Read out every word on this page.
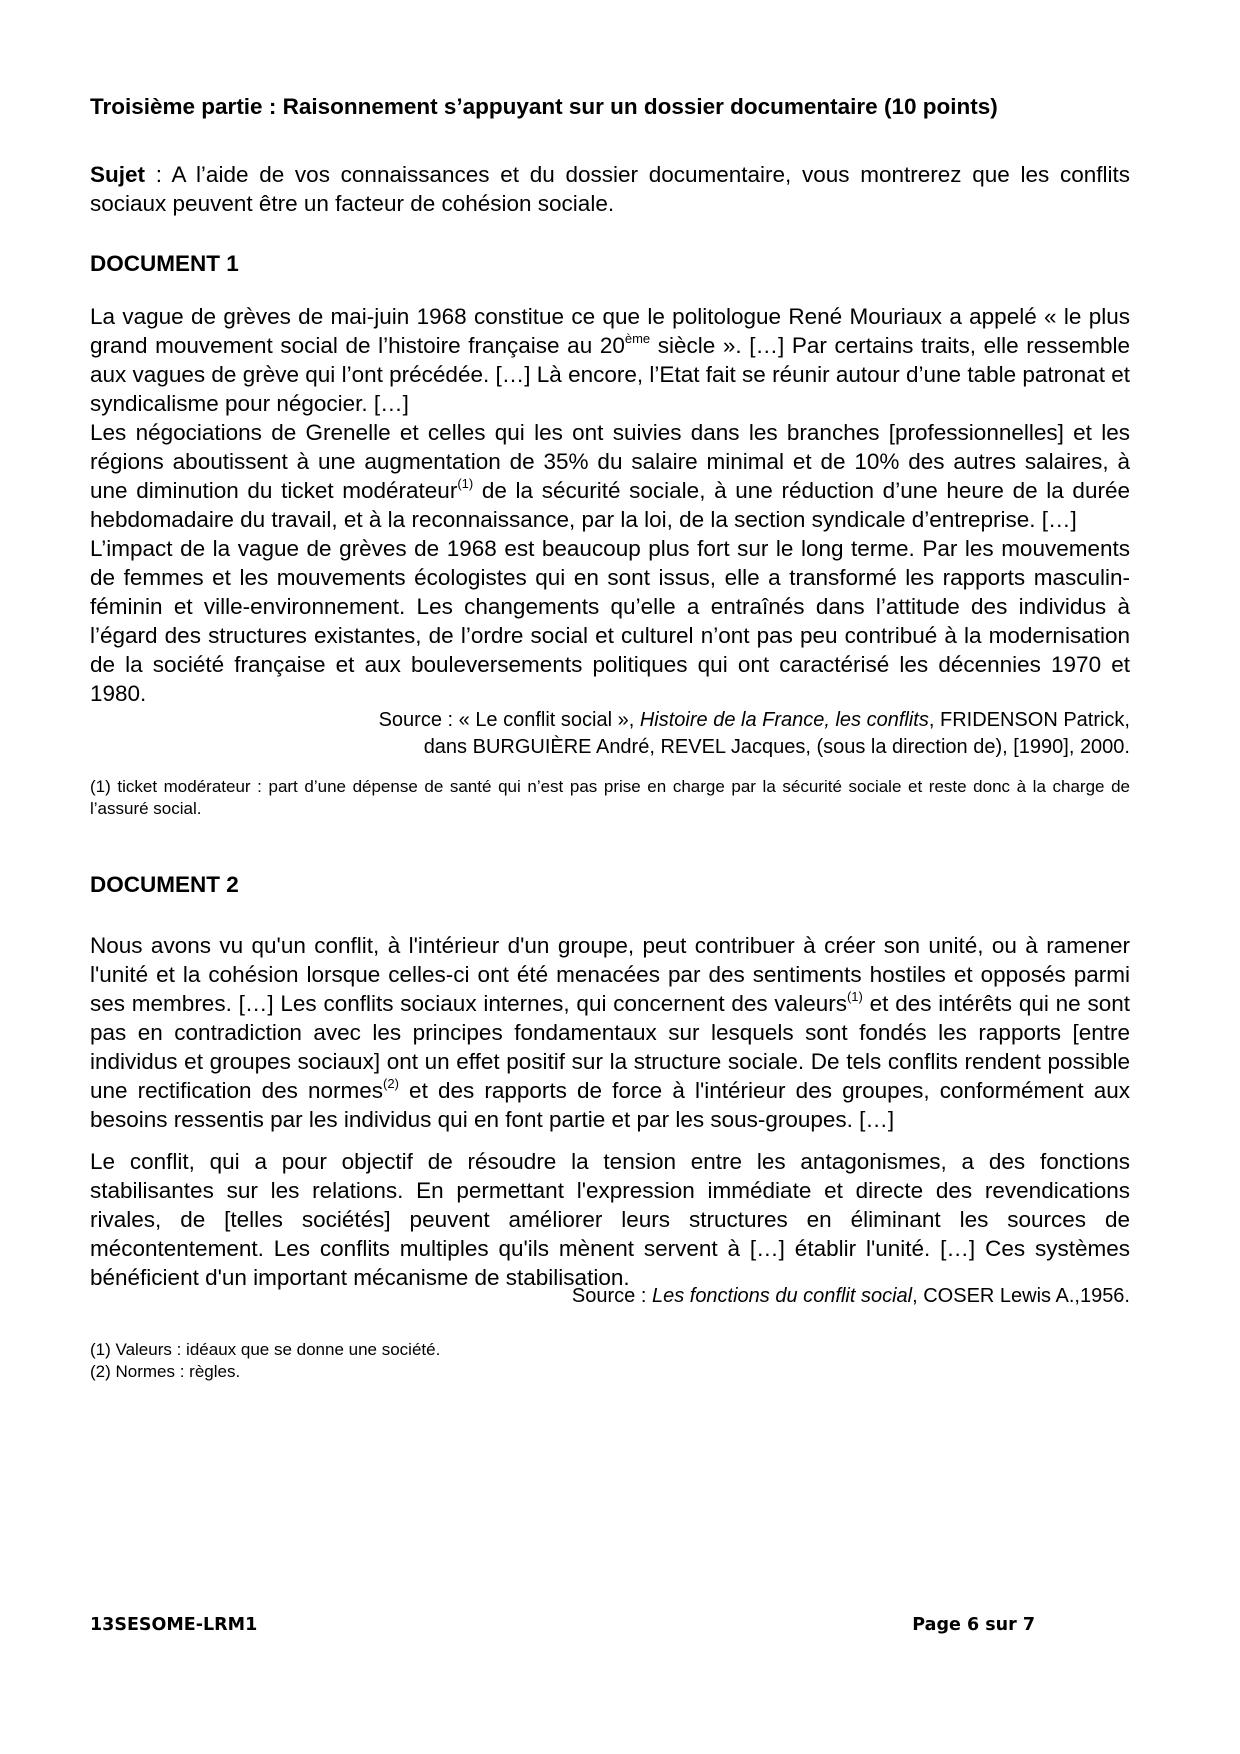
Troisième partie : Raisonnement s’appuyant sur un dossier documentaire (10 points)
Sujet : A l’aide de vos connaissances et du dossier documentaire, vous montrerez que les conflits sociaux peuvent être un facteur de cohésion sociale.
DOCUMENT 1

La vague de grèves de mai-juin 1968 constitue ce que le politologue René Mouriaux a appelé « le plus grand mouvement social de l’histoire française au 20ème siècle ». […] Par certains traits, elle ressemble aux vagues de grève qui l’ont précédée. […] Là encore, l’Etat fait se réunir autour d’une table patronat et syndicalisme pour négocier. […]

Les négociations de Grenelle et celles qui les ont suivies dans les branches [professionnelles] et les régions aboutissent à une augmentation de 35% du salaire minimal et de 10% des autres salaires, à une diminution du ticket modérateur$^{(1)}$ de la sécurité sociale, à une réduction d’une heure de la durée hebdomadaire du travail, et à la reconnaissance, par la loi, de la section syndicale d’entreprise. […]

L’impact de la vague de grèves de 1968 est beaucoup plus fort sur le long terme. Par les mouvements de femmes et les mouvements écologistes qui en sont issus, elle a transformé les rapports masculin-féminin et ville-environnement. Les changements qu’elle a entraînés dans l’attitude des individus à l’égard des structures existantes, de l’ordre social et culturel n’ont pas peu contribué à la modernisation de la société française et aux bouleversements politiques qui ont caractérisé les décennies 1970 et 1980.

Source : « Le conflit social », Histoire de la France, les conflits, FRIDENSON Patrick,
dans BURGUIÈRE André, REVEL Jacques, (sous la direction de), [1990], 2000.
(1) ticket modérateur : part d’une dépense de santé qui n’est pas prise en charge par la sécurité sociale et reste donc à la charge de l’assuré social.
DOCUMENT 2

Nous avons vu qu'un conflit, à l'intérieur d'un groupe, peut contribuer à créer son unité, ou à ramener l'unité et la cohésion lorsque celles-ci ont été menacées par des sentiments hostiles et opposés parmi ses membres. […] Les conflits sociaux internes, qui concernent des valeurs$^{(1)}$ et des intérêts qui ne sont pas en contradiction avec les principes fondamentaux sur lesquels sont fondés les rapports [entre individus et groupes sociaux] ont un effet positif sur la structure sociale. De tels conflits rendent possible une rectification des normes$^{(2)}$ et des rapports de force à l'intérieur des groupes, conformément aux besoins ressentis par les individus qui en font partie et par les sous-groupes. […]

Le conflit, qui a pour objectif de résoudre la tension entre les antagonismes, a des fonctions stabilisantes sur les relations. En permettant l'expression immédiate et directe des revendications rivales, de [telles sociétés] peuvent améliorer leurs structures en éliminant les sources de mécontentement. Les conflits multiples qu'ils mènent servent à […] établir l'unité. […] Ces systèmes bénéficient d'un important mécanisme de stabilisation.

Source : Les fonctions du conflit social, COSER Lewis A.,1956.
(1) Valeurs : idéaux que se donne une société.
(2) Normes : règles.
13SESOME-LRM1	Page 6 sur 7
